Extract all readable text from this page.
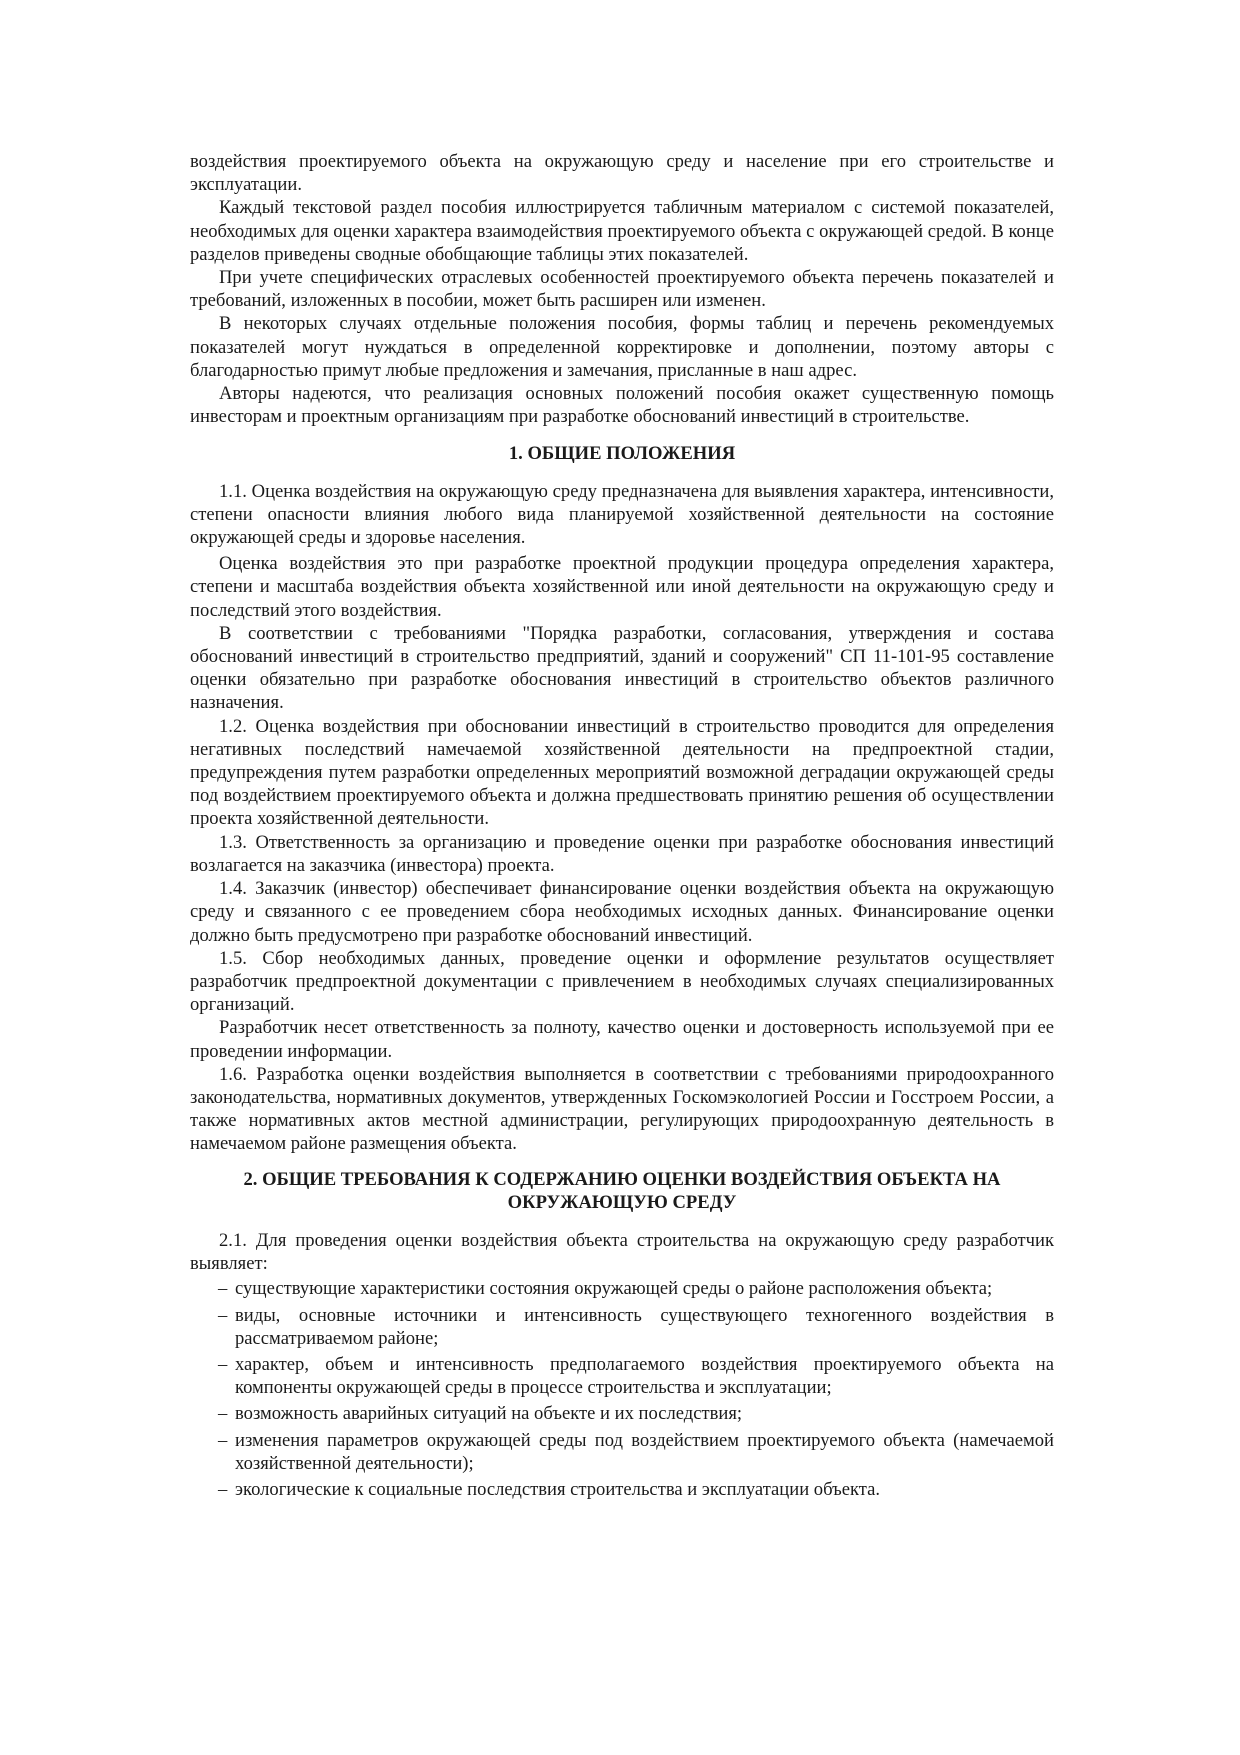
воздействия проектируемого объекта на окружающую среду и население при его строительстве и эксплуатации.

Каждый текстовой раздел пособия иллюстрируется табличным материалом с системой показателей, необходимых для оценки характера взаимодействия проектируемого объекта с окружающей средой. В конце разделов приведены сводные обобщающие таблицы этих показателей.

При учете специфических отраслевых особенностей проектируемого объекта перечень показателей и требований, изложенных в пособии, может быть расширен или изменен.

В некоторых случаях отдельные положения пособия, формы таблиц и перечень рекомендуемых показателей могут нуждаться в определенной корректировке и дополнении, поэтому авторы с благодарностью примут любые предложения и замечания, присланные в наш адрес.

Авторы надеются, что реализация основных положений пособия окажет существенную помощь инвесторам и проектным организациям при разработке обоснований инвестиций в строительстве.

1. ОБЩИЕ ПОЛОЖЕНИЯ

1.1. Оценка воздействия на окружающую среду предназначена для выявления характера, интенсивности, степени опасности влияния любого вида планируемой хозяйственной деятельности на состояние окружающей среды и здоровье населения.

Оценка воздействия это при разработке проектной продукции процедура определения характера, степени и масштаба воздействия объекта хозяйственной или иной деятельности на окружающую среду и последствий этого воздействия.

В соответствии с требованиями "Порядка разработки, согласования, утверждения и состава обоснований инвестиций в строительство предприятий, зданий и сооружений" СП 11-101-95 составление оценки обязательно при разработке обоснования инвестиций в строительство объектов различного назначения.

1.2. Оценка воздействия при обосновании инвестиций в строительство проводится для определения негативных последствий намечаемой хозяйственной деятельности на предпроектной стадии, предупреждения путем разработки определенных мероприятий возможной деградации окружающей среды под воздействием проектируемого объекта и должна предшествовать принятию решения об осуществлении проекта хозяйственной деятельности.

1.3. Ответственность за организацию и проведение оценки при разработке обоснования инвестиций возлагается на заказчика (инвестора) проекта.

1.4. Заказчик (инвестор) обеспечивает финансирование оценки воздействия объекта на окружающую среду и связанного с ее проведением сбора необходимых исходных данных. Финансирование оценки должно быть предусмотрено при разработке обоснований инвестиций.

1.5. Сбор необходимых данных, проведение оценки и оформление результатов осуществляет разработчик предпроектной документации с привлечением в необходимых случаях специализированных организаций.

Разработчик несет ответственность за полноту, качество оценки и достоверность используемой при ее проведении информации.

1.6. Разработка оценки воздействия выполняется в соответствии с требованиями природоохранного законодательства, нормативных документов, утвержденных Госкомэкологией России и Госстроем России, а также нормативных актов местной администрации, регулирующих природоохранную деятельность в намечаемом районе размещения объекта.

2. ОБЩИЕ ТРЕБОВАНИЯ К СОДЕРЖАНИЮ ОЦЕНКИ ВОЗДЕЙСТВИЯ ОБЪЕКТА НА
ОКРУЖАЮЩУЮ СРЕДУ

2.1. Для проведения оценки воздействия объекта строительства на окружающую среду разработчик выявляет:

– существующие характеристики состояния окружающей среды о районе расположения объекта;
– виды, основные источники и интенсивность существующего техногенного воздействия в рассматриваемом районе;
– характер, объем и интенсивность предполагаемого воздействия проектируемого объекта на компоненты окружающей среды в процессе строительства и эксплуатации;
– возможность аварийных ситуаций на объекте и их последствия;
– изменения параметров окружающей среды под воздействием проектируемого объекта (намечаемой хозяйственной деятельности);
– экологические к социальные последствия строительства и эксплуатации объекта.
